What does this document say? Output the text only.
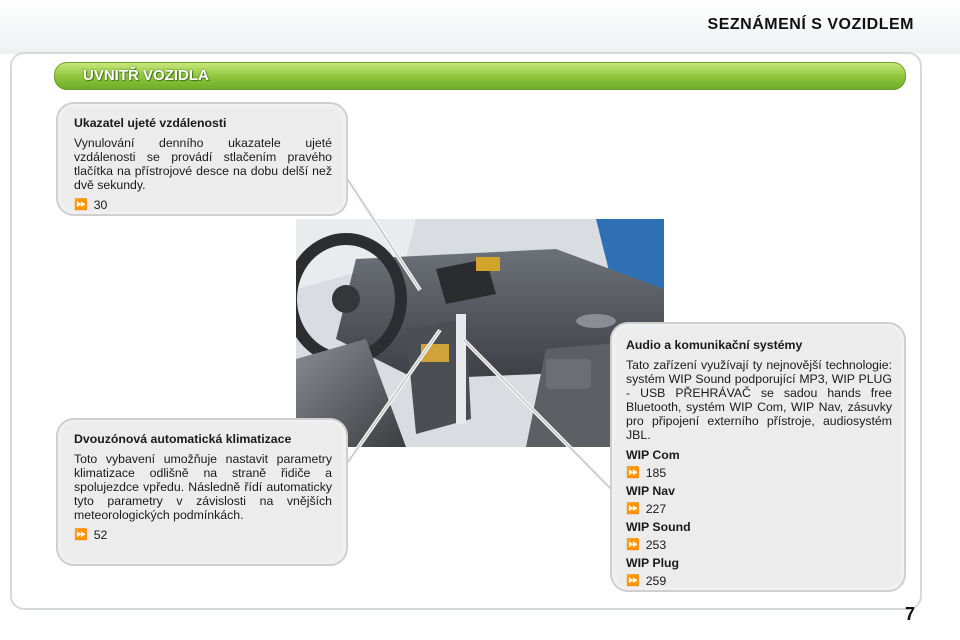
SEZNÁMENÍ S VOZIDLEM
UVNITŘ VOZIDLA
Ukazatel ujeté vzdálenosti

Vynulování denního ukazatele ujeté vzdálenosti se provádí stlačením pravého tlačítka na přístrojové desce na dobu delší než dvě sekundy.

⏩ 30
Dvouzónová automatická klimatizace

Toto vybavení umožňuje nastavit parametry klimatizace odlišně na straně řidiče a spolujezdce vpředu. Následně řídí automaticky tyto parametry v závislosti na vnějších meteorologických podmínkách.

⏩ 52
Audio a komunikační systémy

Tato zařízení využívají ty nejnovější technologie: systém WIP Sound podporující MP3, WIP PLUG - USB PŘEHRÁVAČ se sadou hands free Bluetooth, systém WIP Com, WIP Nav, zásuvky pro připojení externího přístroje, audiosystém JBL.

WIP Com
⏩ 185
WIP Nav
⏩ 227
WIP Sound
⏩ 253
WIP Plug
⏩ 259
7
